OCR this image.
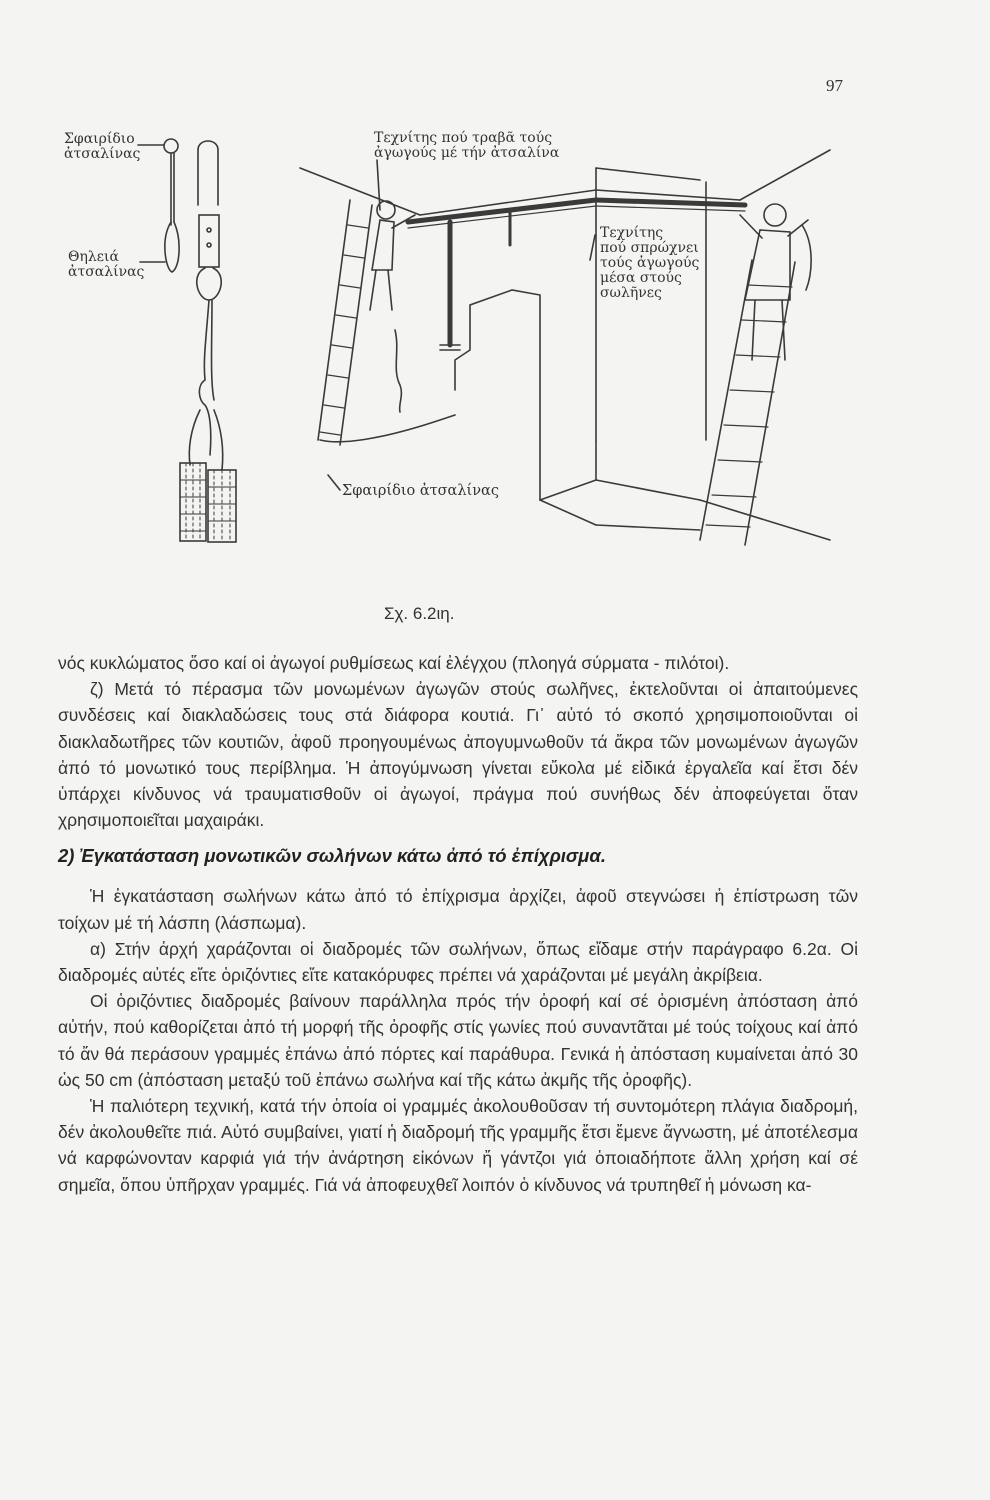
97
Σφαιρίδιο
ἀτσαλίνας
Θηλειά
ἀτσαλίνας
Τεχνίτης πού τραβᾶ τούς
ἀγωγούς μέ τήν ἀτσαλίνα
Τεχνίτης
πού σπρώχνει
τούς ἀγωγούς
μέσα στούς
σωλῆνες
Σφαιρίδιο ἀτσαλίνας
Σχ. 6.2ιη.

νός κυκλώματος ὅσο καί οἱ ἀγωγοί ρυθμίσεως καί ἐλέγχου (πλοηγά σύρματα - πιλότοι).

ζ) Μετά τό πέρασμα τῶν μονωμένων ἀγωγῶν στούς σωλῆνες, ἐκτελοῦνται οἱ ἀπαιτούμενες συνδέσεις καί διακλαδώσεις τους στά διάφορα κουτιά. Γι᾽ αὐτό τό σκοπό χρησιμοποιοῦνται οἱ διακλαδωτῆρες τῶν κουτιῶν, ἀφοῦ προηγουμένως ἀπογυμνωθοῦν τά ἄκρα τῶν μονωμένων ἀγωγῶν ἀπό τό μονωτικό τους περίβλημα. Ἡ ἀπογύμνωση γίνεται εὔκολα μέ εἰδικά ἐργαλεῖα καί ἔτσι δέν ὑπάρχει κίνδυνος νά τραυματισθοῦν οἱ ἀγωγοί, πράγμα πού συνήθως δέν ἀποφεύγεται ὅταν χρησιμοποιεῖται μαχαιράκι.

2) Ἐγκατάσταση μονωτικῶν σωλήνων κάτω ἀπό τό ἐπίχρισμα.

Ἡ ἐγκατάσταση σωλήνων κάτω ἀπό τό ἐπίχρισμα ἀρχίζει, ἀφοῦ στεγνώσει ἡ ἐπίστρωση τῶν τοίχων μέ τή λάσπη (λάσπωμα).

α) Στήν ἀρχή χαράζονται οἱ διαδρομές τῶν σωλήνων, ὅπως εἴδαμε στήν παράγραφο 6.2α. Οἱ διαδρομές αὐτές εἴτε ὁριζόντιες εἴτε κατακόρυφες πρέπει νά χαράζονται μέ μεγάλη ἀκρίβεια.

Οἱ ὁριζόντιες διαδρομές βαίνουν παράλληλα πρός τήν ὀροφή καί σέ ὁρισμένη ἀπόσταση ἀπό αὐτήν, πού καθορίζεται ἀπό τή μορφή τῆς ὀροφῆς στίς γωνίες πού συναντᾶται μέ τούς τοίχους καί ἀπό τό ἄν θά περάσουν γραμμές ἐπάνω ἀπό πόρτες καί παράθυρα. Γενικά ἡ ἀπόσταση κυμαίνεται ἀπό 30 ὡς 50 cm (ἀπόσταση μεταξύ τοῦ ἐπάνω σωλήνα καί τῆς κάτω ἀκμῆς τῆς ὀροφῆς).

Ἡ παλιότερη τεχνική, κατά τήν ὁποία οἱ γραμμές ἀκολουθοῦσαν τή συντομότερη πλάγια διαδρομή, δέν ἀκολουθεῖτε πιά. Αὐτό συμβαίνει, γιατί ἡ διαδρομή τῆς γραμμῆς ἔτσι ἔμενε ἄγνωστη, μέ ἀποτέλεσμα νά καρφώνονταν καρφιά γιά τήν ἀνάρτηση εἰκόνων ἤ γάντζοι γιά ὁποιαδήποτε ἄλλη χρήση καί σέ σημεῖα, ὅπου ὑπῆρχαν γραμμές. Γιά νά ἀποφευχθεῖ λοιπόν ὁ κίνδυνος νά τρυπηθεῖ ἡ μόνωση κα-
